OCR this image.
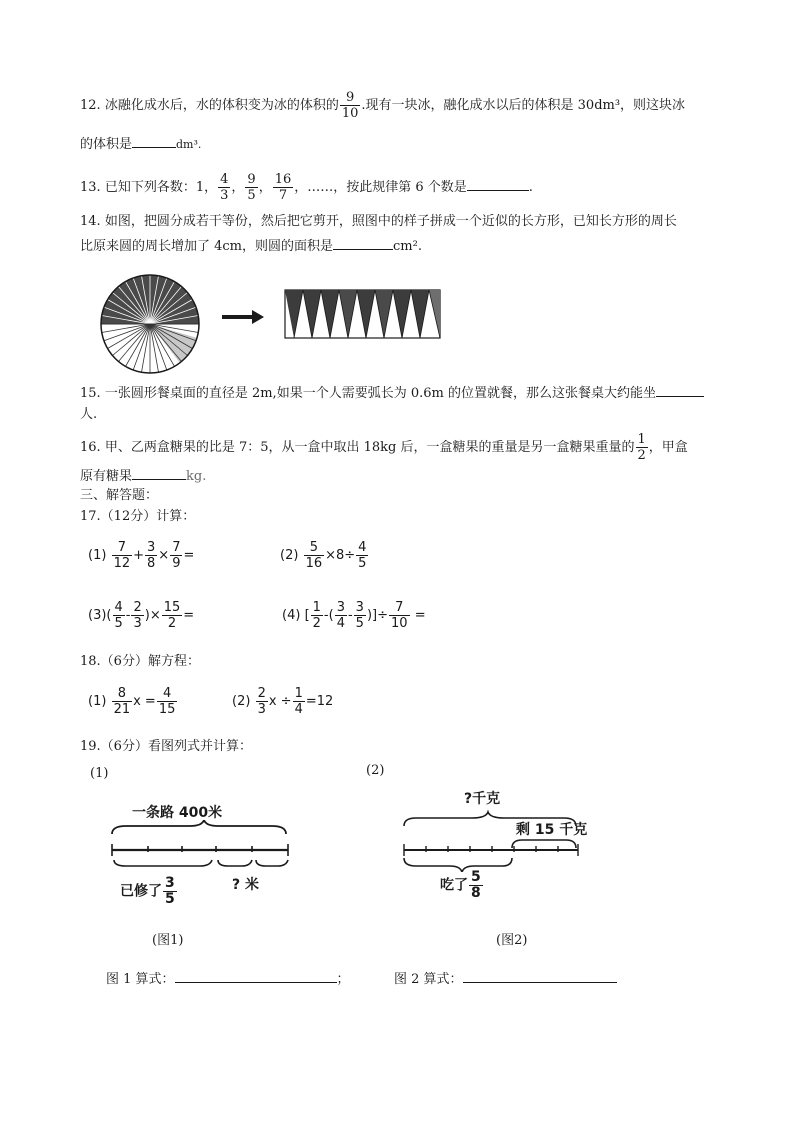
12. 冰融化成水后，水的体积变为冰的体积的 $\frac{9}{10}$ .现有一块冰，融化成水以后的体积是 30dm³，则这块冰
的体积是	dm³.
13. 已知下列各数：1， $\frac{4}{3}$ ， $\frac{9}{5}$ ， $\frac{16}{7}$ ，……，按此规律第 6 个数是	.
14. 如图，把圆分成若干等份，然后把它剪开，照图中的样子拼成一个近似的长方形，已知长方形的周长
比原来圆的周长增加了 4cm，则圆的面积是	cm².
15. 一张圆形餐桌面的直径是 2m,如果一个人需要弧长为 0.6m 的位置就餐，那么这张餐桌大约能坐
人.
16. 甲、乙两盒糖果的比是 7：5，从一盒中取出 18kg 后，一盒糖果的重量是另一盒糖果重量的 $\frac{1}{2}$ ，甲盒
原有糖果	kg.
三、解答题：
17.（12分）计算：
$(1) \frac{7}{12} + \frac{3}{8} \times \frac{7}{9}$ =	$(2) \frac{5}{16} \times 8\div \frac{4}{5}$
$(3)( \frac{4}{5} - \frac{2}{3}$ )× $\frac{15}{2}$ =	(4) [ $\frac{1}{2}$ -( $\frac{3}{4} - \frac{3}{5}$ )]÷ $\frac{7}{10}$ =
18.（6分）解方程：
$(1) \frac{8}{21}$ $x = \frac{4}{15}$	$(2) \frac{2}{3}$ $x \div \frac{1}{4} =12$
19.（6分）看图列式并计算：
(1)	(2)
一条路 400米
已修了 $\frac{3}{5}$	? 米
(图1)
?千克
剩 15 千克
吃了 $\frac{5}{8}$
(图2)
图 1 算式：	；	图 2 算式：
